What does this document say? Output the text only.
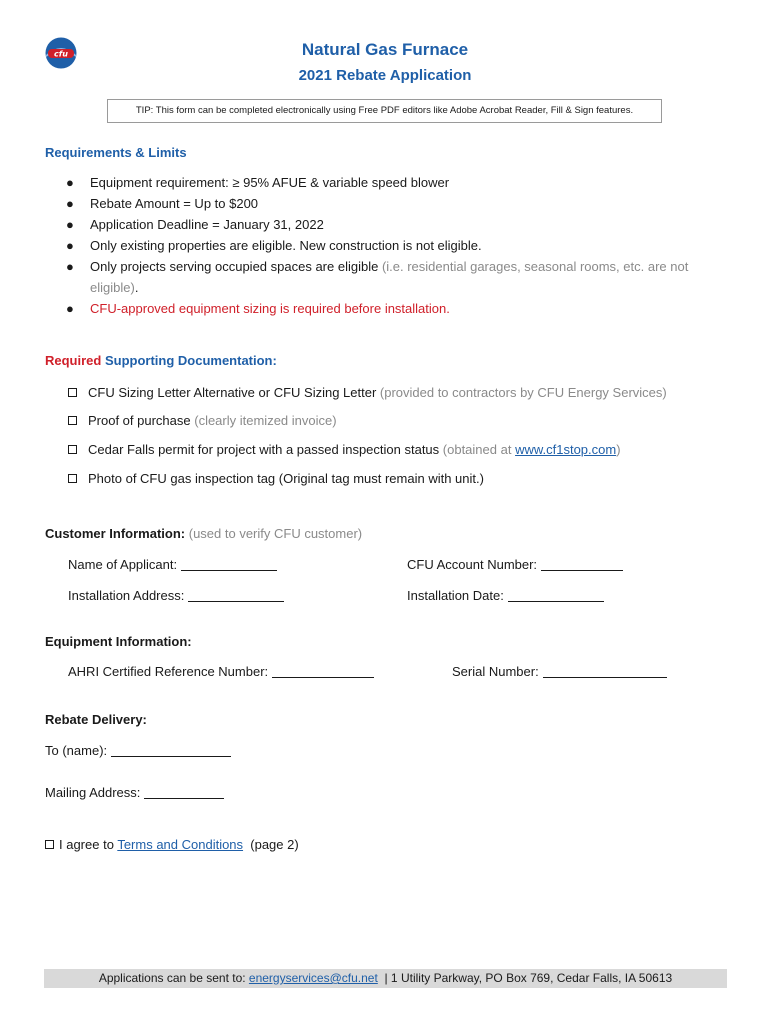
cfu	Natural Gas Furnace
2021 Rebate Application
TIP: This form can be completed electronically using Free PDF editors like Adobe Acrobat Reader, Fill & Sign features.
Requirements & Limits
● Equipment requirement: ≥ 95% AFUE & variable speed blower
● Rebate Amount = Up to $200
● Application Deadline = January 31, 2022
● Only existing properties are eligible. New construction is not eligible.
● Only projects serving occupied spaces are eligible (i.e. residential garages, seasonal rooms, etc. are not
eligible).
● CFU-approved equipment sizing is required before installation.
Required Supporting Documentation:
CFU Sizing Letter Alternative or CFU Sizing Letter (provided to contractors by CFU Energy Services)
Proof of purchase (clearly itemized invoice)
Cedar Falls permit for project with a passed inspection status (obtained at www.cf1stop.com)
Photo of CFU gas inspection tag (Original tag must remain with unit.)
Customer Information: (used to verify CFU customer)
Name of Applicant:	CFU Account Number:
Installation Address:	Installation Date:
Equipment Information:
AHRI Certified Reference Number:	Serial Number:
Rebate Delivery:
To (name):
Mailing Address:
I agree to Terms and Conditions  (page 2)
Applications can be sent to: energyservices@cfu.net  | 1 Utility Parkway, PO Box 769, Cedar Falls, IA 50613
